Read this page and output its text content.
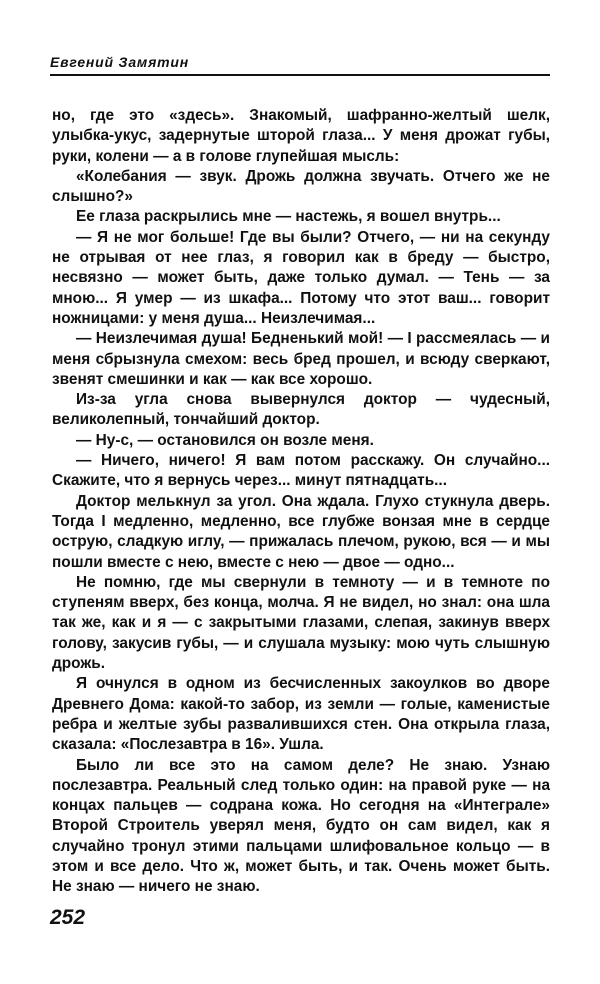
Евгений Замятин

но, где это «здесь». Знакомый, шафранно-желтый шелк, улыбка-укус, задернутые шторой глаза... У меня дрожат губы, руки, колени — а в голове глупейшая мысль:

«Колебания — звук. Дрожь должна звучать. Отчего же не слышно?»

Ее глаза раскрылись мне — настежь, я вошел внутрь...

— Я не мог больше! Где вы были? Отчего, — ни на секунду не отрывая от нее глаз, я говорил как в бреду — быстро, несвязно — может быть, даже только думал. — Тень — за мною... Я умер — из шкафа... Потому что этот ваш... говорит ножницами: у меня душа... Неизлечимая...

— Неизлечимая душа! Бедненький мой! — I рассмеялась — и меня сбрызнула смехом: весь бред прошел, и всюду сверкают, звенят смешинки и как — как все хорошо.

Из-за угла снова вывернулся доктор — чудесный, великолепный, тончайший доктор.

— Ну-с, — остановился он возле меня.

— Ничего, ничего! Я вам потом расскажу. Он случайно... Скажите, что я вернусь через... минут пятнадцать...

Доктор мелькнул за угол. Она ждала. Глухо стукнула дверь. Тогда I медленно, медленно, все глубже вонзая мне в сердце острую, сладкую иглу, — прижалась плечом, рукою, вся — и мы пошли вместе с нею, вместе с нею — двое — одно...

Не помню, где мы свернули в темноту — и в темноте по ступеням вверх, без конца, молча. Я не видел, но знал: она шла так же, как и я — с закрытыми глазами, слепая, закинув вверх голову, закусив губы, — и слушала музыку: мою чуть слышную дрожь.

Я очнулся в одном из бесчисленных закоулков во дворе Древнего Дома: какой-то забор, из земли — голые, каменистые ребра и желтые зубы развалившихся стен. Она открыла глаза, сказала: «Послезавтра в 16». Ушла.

Было ли все это на самом деле? Не знаю. Узнаю послезавтра. Реальный след только один: на правой руке — на концах пальцев — содрана кожа. Но сегодня на «Интеграле» Второй Строитель уверял меня, будто он сам видел, как я случайно тронул этими пальцами шлифовальное кольцо — в этом и все дело. Что ж, может быть, и так. Очень может быть. Не знаю — ничего не знаю.

252
